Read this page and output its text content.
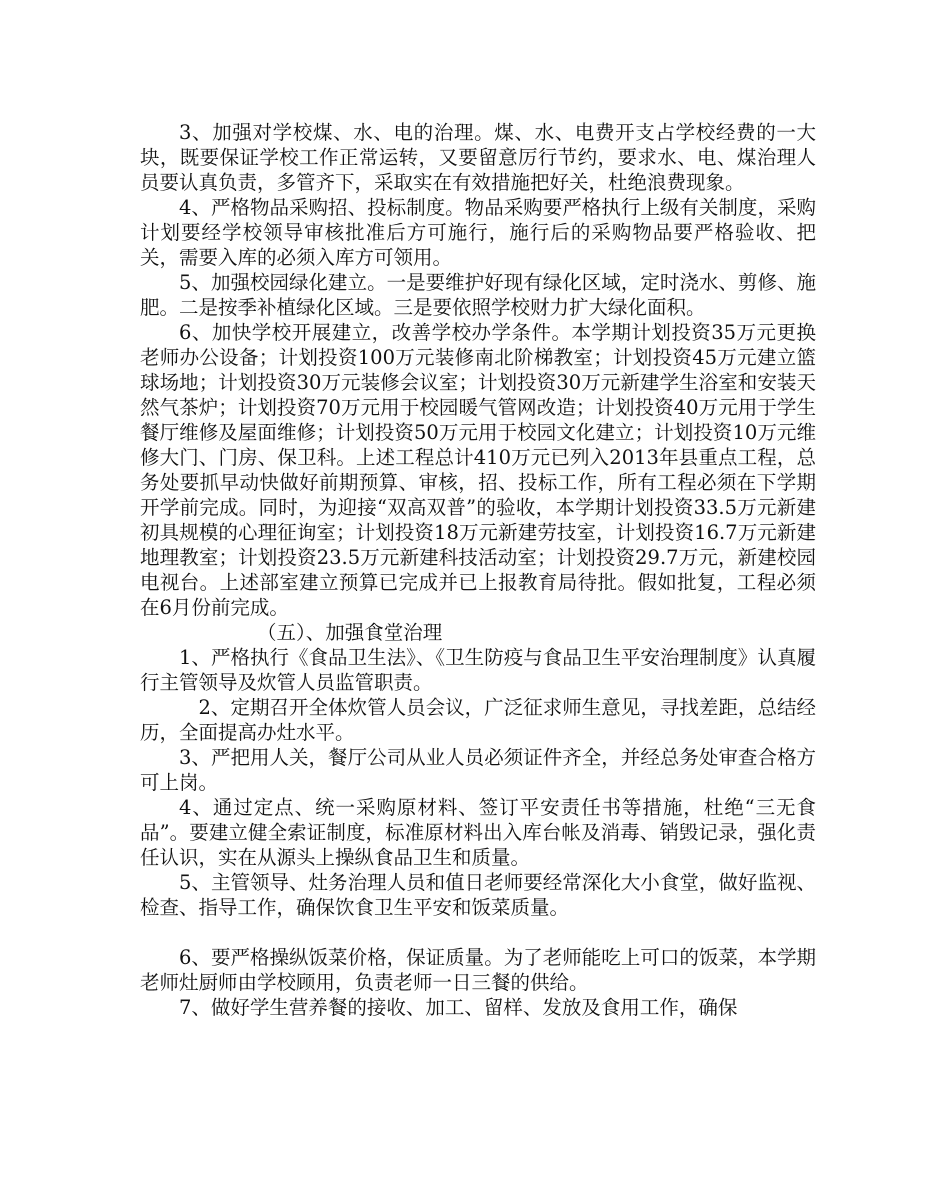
3、加强对学校煤、水、电的治理。煤、水、电费开支占学校经费的一大块，既要保证学校工作正常运转，又要留意厉行节约，要求水、电、煤治理人员要认真负责，多管齐下，采取实在有效措施把好关，杜绝浪费现象。

4、严格物品采购招、投标制度。物品采购要严格执行上级有关制度，采购计划要经学校领导审核批准后方可施行，施行后的采购物品要严格验收、把关，需要入库的必须入库方可领用。

5、加强校园绿化建立。一是要维护好现有绿化区域，定时浇水、剪修、施肥。二是按季补植绿化区域。三是要依照学校财力扩大绿化面积。

6、加快学校开展建立，改善学校办学条件。本学期计划投资35万元更换老师办公设备；计划投资100万元装修南北阶梯教室；计划投资45万元建立篮球场地；计划投资30万元装修会议室；计划投资30万元新建学生浴室和安装天然气茶炉；计划投资70万元用于校园暖气管网改造；计划投资40万元用于学生餐厅维修及屋面维修；计划投资50万元用于校园文化建立；计划投资10万元维修大门、门房、保卫科。上述工程总计410万元已列入2013年县重点工程，总务处要抓早动快做好前期预算、审核，招、投标工作，所有工程必须在下学期开学前完成。同时，为迎接“双高双普”的验收，本学期计划投资33.5万元新建初具规模的心理征询室；计划投资18万元新建劳技室，计划投资16.7万元新建地理教室；计划投资23.5万元新建科技活动室；计划投资29.7万元，新建校园电视台。上述部室建立预算已完成并已上报教育局待批。假如批复，工程必须在6月份前完成。

（五）、加强食堂治理

1、严格执行《食品卫生法》、《卫生防疫与食品卫生平安治理制度》认真履行主管领导及炊管人员监管职责。

2、定期召开全体炊管人员会议，广泛征求师生意见，寻找差距，总结经历，全面提高办灶水平。

3、严把用人关，餐厅公司从业人员必须证件齐全，并经总务处审查合格方可上岗。

4、通过定点、统一采购原材料、签订平安责任书等措施，杜绝“三无食品”。要建立健全索证制度，标准原材料出入库台帐及消毒、销毁记录，强化责任认识，实在从源头上操纵食品卫生和质量。

5、主管领导、灶务治理人员和值日老师要经常深化大小食堂，做好监视、检查、指导工作，确保饮食卫生平安和饭菜质量。

6、要严格操纵饭菜价格，保证质量。为了老师能吃上可口的饭菜，本学期老师灶厨师由学校顾用，负责老师一日三餐的供给。

7、做好学生营养餐的接收、加工、留样、发放及食用工作，确保
